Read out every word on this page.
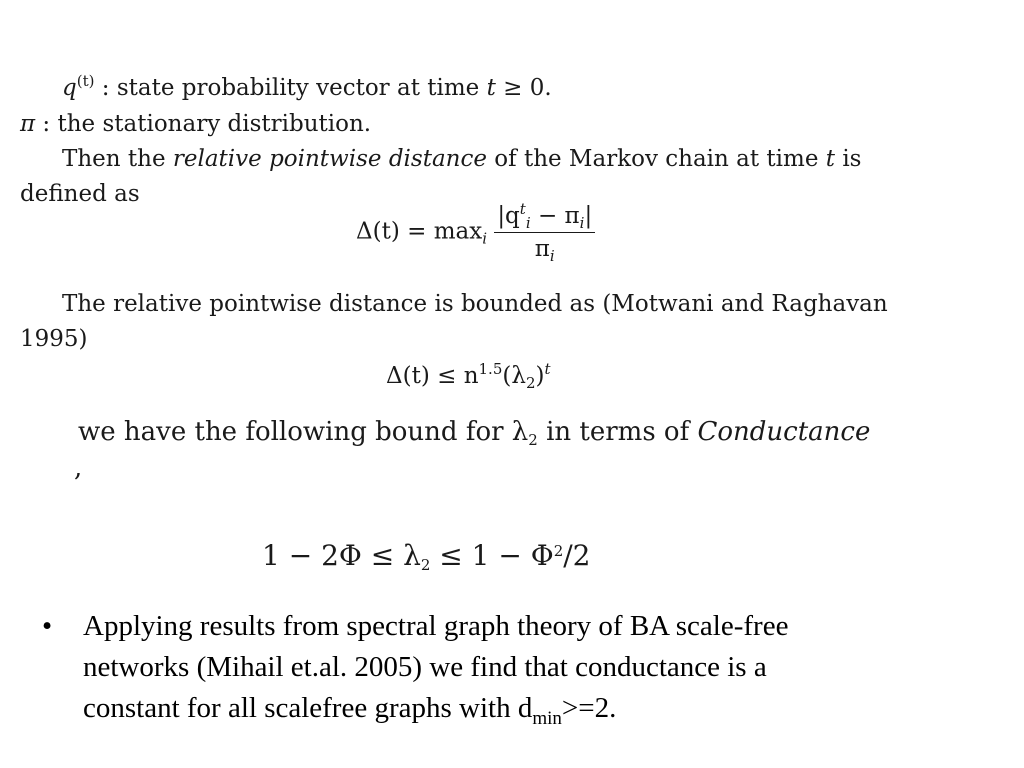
$q^{(t)}$ : state probability vector at time t ≥ 0.
π : the stationary distribution.
Then the relative pointwise distance of the Markov chain at time t is
defined as
$\Delta(t) = \max_i \frac{|q^t_i - \pi_i|}{\pi_i}$
The relative pointwise distance is bounded as (Motwani and Raghavan
1995)
$\Delta(t) \le n^{1.5}(\lambda_2)^t$
we have the following bound for $\lambda_2$ in terms of Conductance
,
$1 - 2\Phi \le \lambda_2 \le 1 - \Phi^2/2$
• Applying results from spectral graph theory of BA scale-free
networks (Mihail et.al. 2005) we find that conductance is a
constant for all scalefree graphs with $d_{min}>=2$.
